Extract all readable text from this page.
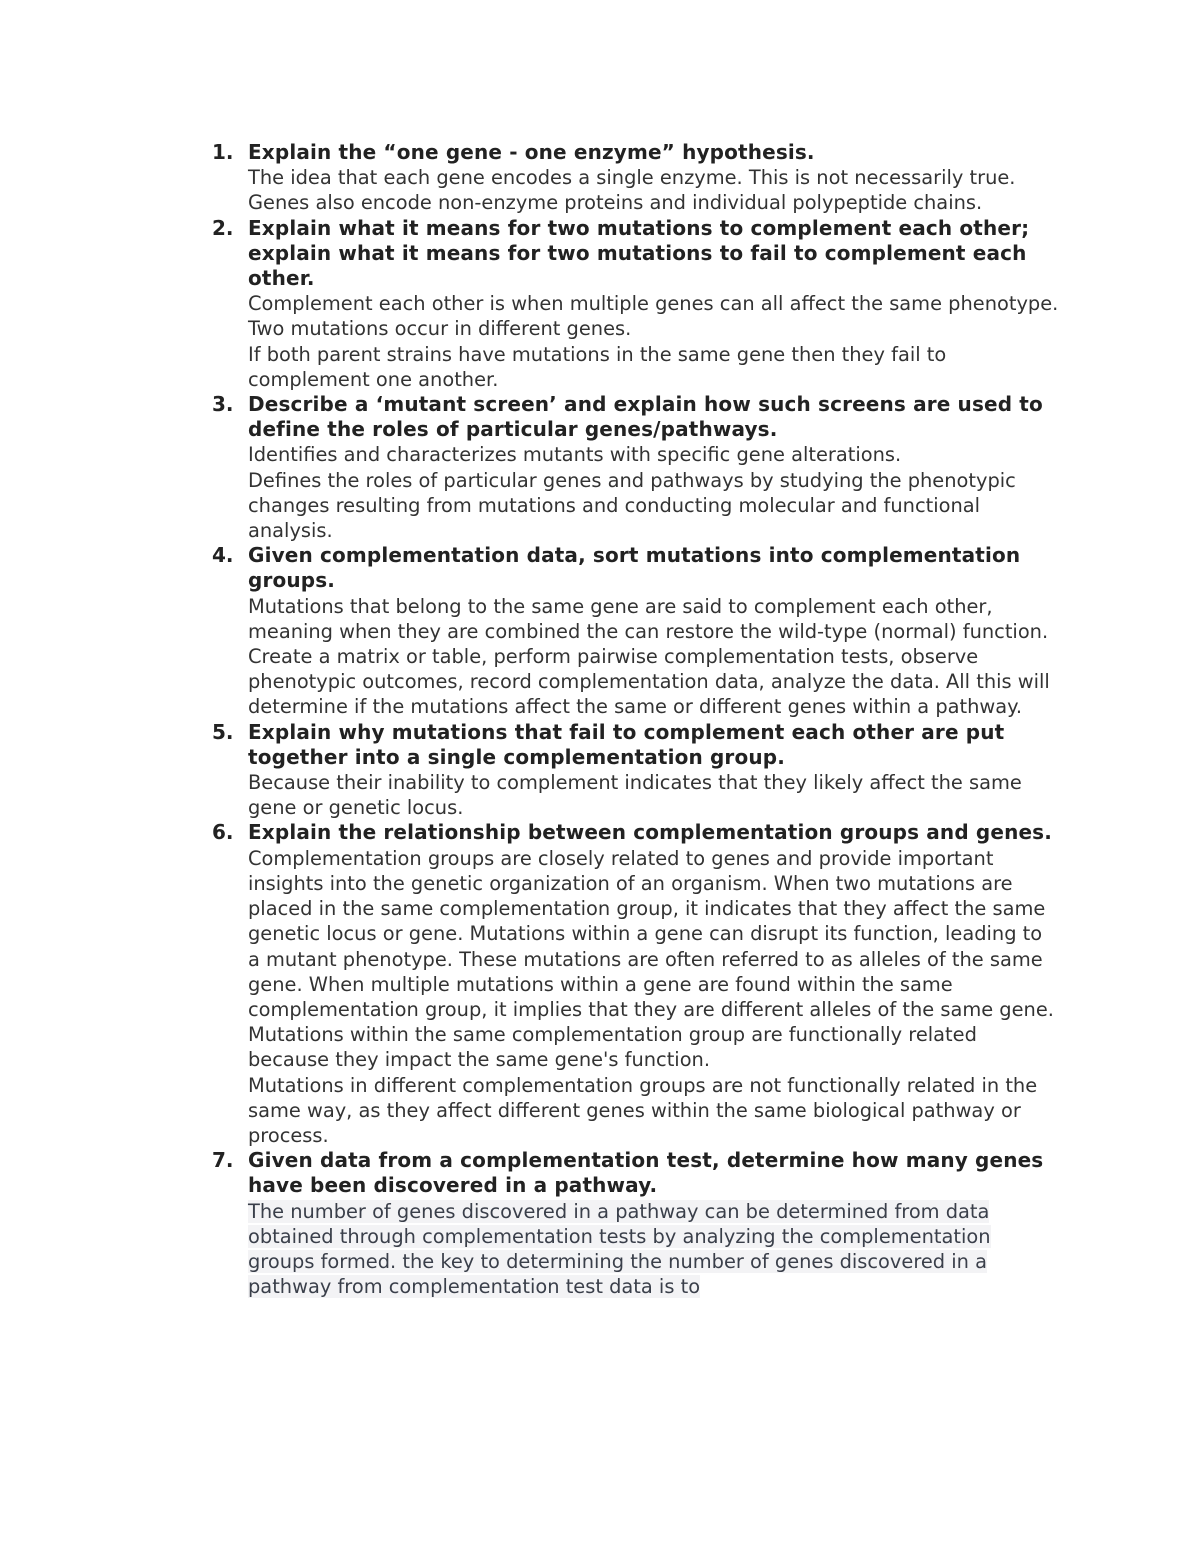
1. Explain the “one gene - one enzyme” hypothesis.

The idea that each gene encodes a single enzyme. This is not necessarily true. Genes also encode non-enzyme proteins and individual polypeptide chains.

2. Explain what it means for two mutations to complement each other; explain what it means for two mutations to fail to complement each other.

Complement each other is when multiple genes can all affect the same phenotype. Two mutations occur in different genes.

If both parent strains have mutations in the same gene then they fail to complement one another.

3. Describe a ‘mutant screen’ and explain how such screens are used to define the roles of particular genes/pathways.

Identifies and characterizes mutants with specific gene alterations.

Defines the roles of particular genes and pathways by studying the phenotypic changes resulting from mutations and conducting molecular and functional analysis.

4. Given complementation data, sort mutations into complementation groups.

Mutations that belong to the same gene are said to complement each other, meaning when they are combined the can restore the wild-type (normal) function. Create a matrix or table, perform pairwise complementation tests, observe phenotypic outcomes, record complementation data, analyze the data. All this will determine if the mutations affect the same or different genes within a pathway.

5. Explain why mutations that fail to complement each other are put together into a single complementation group.

Because their inability to complement indicates that they likely affect the same gene or genetic locus.

6. Explain the relationship between complementation groups and genes.

Complementation groups are closely related to genes and provide important insights into the genetic organization of an organism. When two mutations are placed in the same complementation group, it indicates that they affect the same genetic locus or gene. Mutations within a gene can disrupt its function, leading to a mutant phenotype. These mutations are often referred to as alleles of the same gene. When multiple mutations within a gene are found within the same complementation group, it implies that they are different alleles of the same gene.

Mutations within the same complementation group are functionally related because they impact the same gene's function.

Mutations in different complementation groups are not functionally related in the same way, as they affect different genes within the same biological pathway or process.

7. Given data from a complementation test, determine how many genes have been discovered in a pathway.

The number of genes discovered in a pathway can be determined from data obtained through complementation tests by analyzing the complementation groups formed. the key to determining the number of genes discovered in a pathway from complementation test data is to
